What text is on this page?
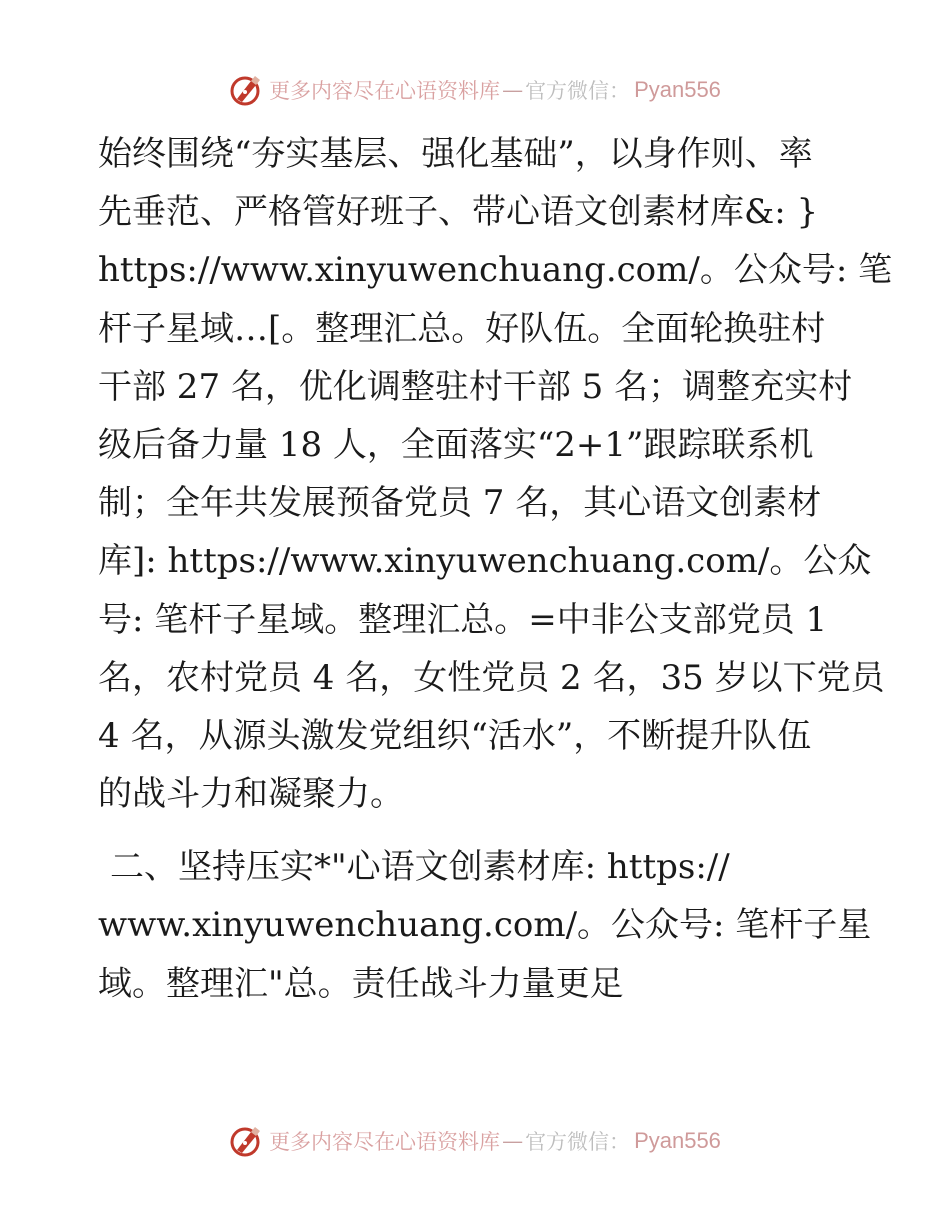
更多内容尽在心语资料库 — 官方微信： Pyan556

始终围绕“夯实基层、强化基础”，以身作则、率
先垂范、严格管好班子、带心语文创素材库&: }
https://www.xinyuwenchuang.com/。公众号: 笔
杆子星域…[。整理汇总。好队伍。全面轮换驻村
干部 27 名，优化调整驻村干部 5 名；调整充实村
级后备力量 18 人，全面落实“2+1”跟踪联系机
制；全年共发展预备党员 7 名，其心语文创素材
库]: https://www.xinyuwenchuang.com/。公众
号: 笔杆子星域。整理汇总。=中非公支部党员 1
名，农村党员 4 名，女性党员 2 名，35 岁以下党员
4 名，从源头激发党组织“活水”，不断提升队伍
的战斗力和凝聚力。

二、坚持压实*"心语文创素材库: https://
www.xinyuwenchuang.com/。公众号: 笔杆子星
域。整理汇"总。责任战斗力量更足

更多内容尽在心语资料库 — 官方微信： Pyan556
